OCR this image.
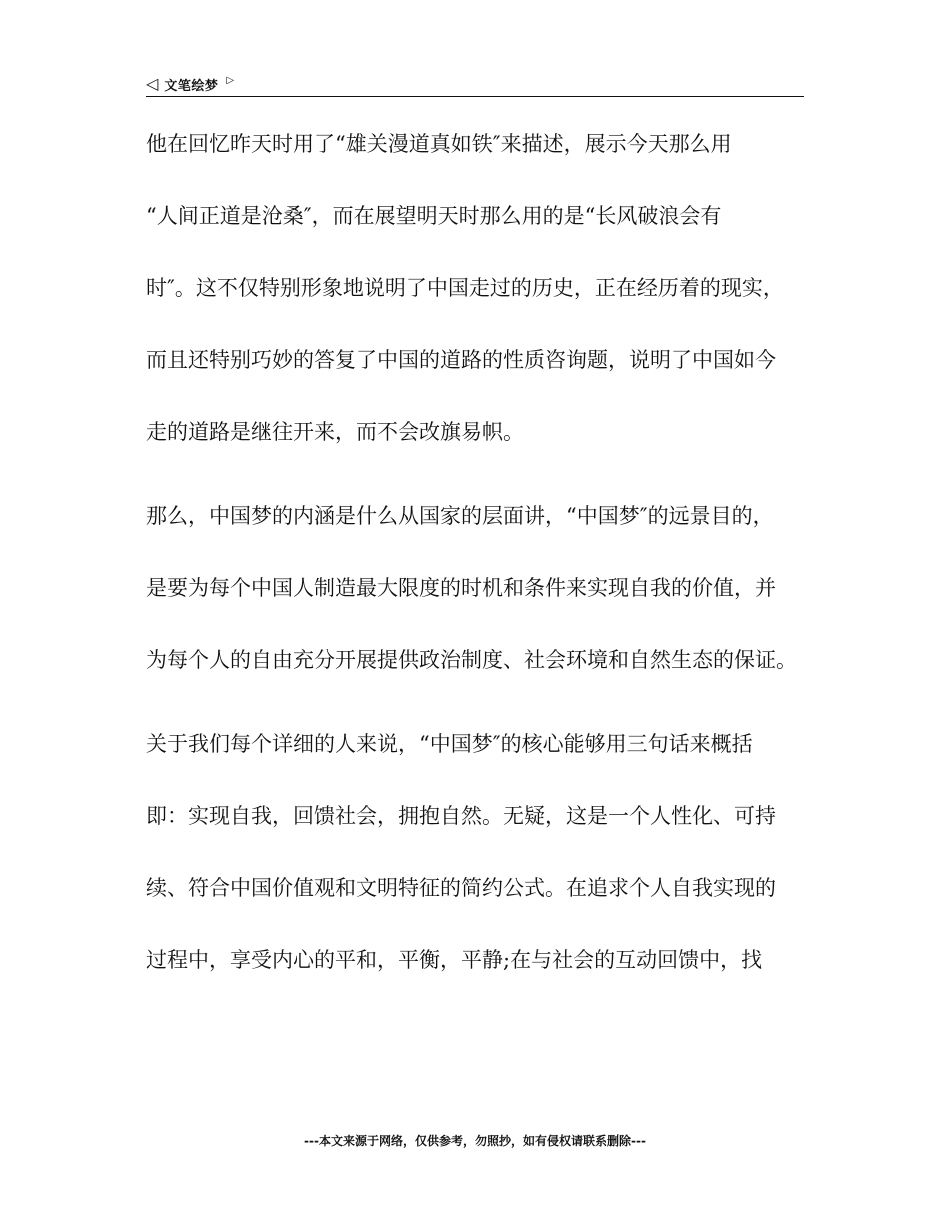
◁ 文笔绘梦 ▷
他在回忆昨天时用了“雄关漫道真如铁″来描述，展示今天那么用
“人间正道是沧桑″，而在展望明天时那么用的是“长风破浪会有
时″。这不仅特别形象地说明了中国走过的历史，正在经历着的现实，
而且还特别巧妙的答复了中国的道路的性质咨询题，说明了中国如今
走的道路是继往开来，而不会改旗易帜。
那么，中国梦的内涵是什么从国家的层面讲，“中国梦″的远景目的，
是要为每个中国人制造最大限度的时机和条件来实现自我的价值，并
为每个人的自由充分开展提供政治制度、社会环境和自然生态的保证。
关于我们每个详细的人来说，“中国梦″的核心能够用三句话来概括
即：实现自我，回馈社会，拥抱自然。无疑，这是一个人性化、可持
续、符合中国价值观和文明特征的简约公式。在追求个人自我实现的
过程中，享受内心的平和，平衡，平静;在与社会的互动回馈中，找
---本文来源于网络，仅供参考，勿照抄，如有侵权请联系删除---
